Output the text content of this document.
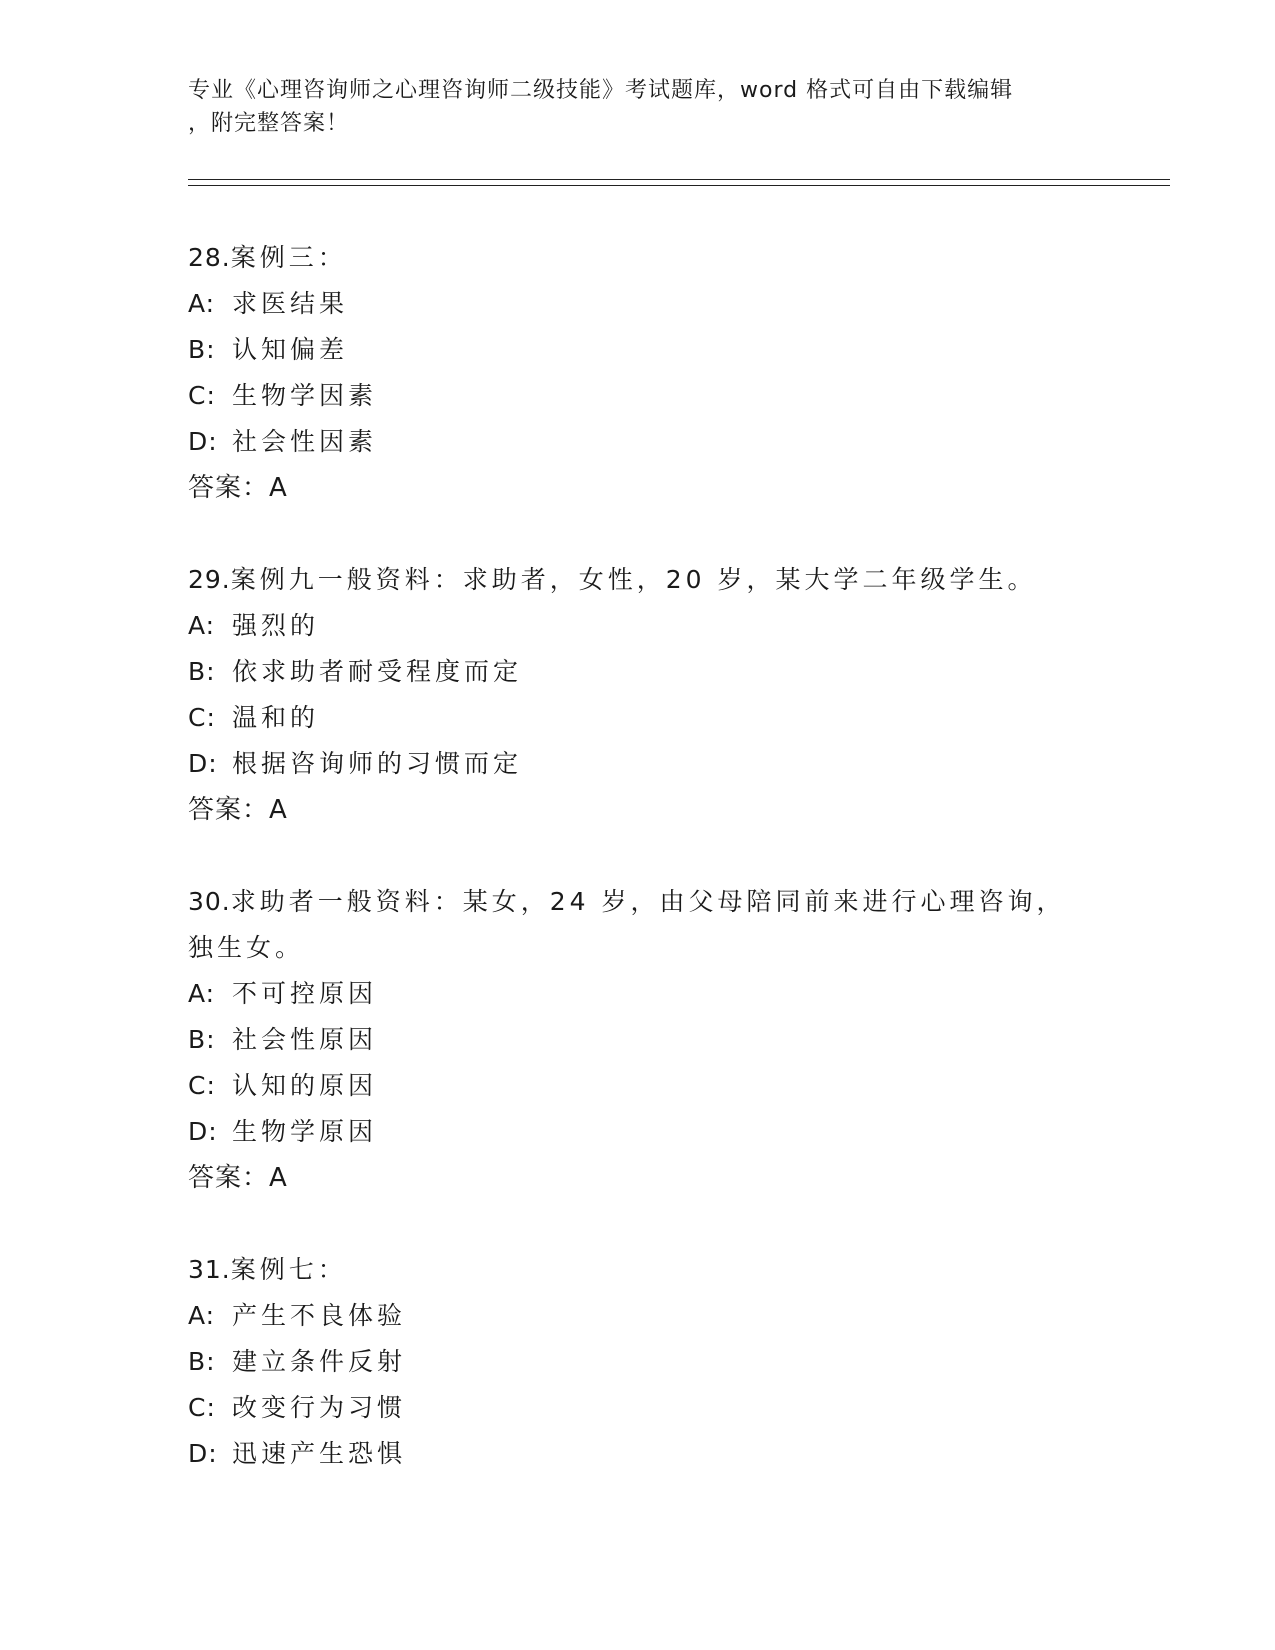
专业《心理咨询师之心理咨询师二级技能》考试题库，word 格式可自由下载编辑

，附完整答案！

28.案例三：

A: 求医结果

B: 认知偏差

C: 生物学因素

D: 社会性因素

答案：A

29.案例九一般资料：求助者，女性，20 岁，某大学二年级学生。

A: 强烈的

B: 依求助者耐受程度而定

C: 温和的

D: 根据咨询师的习惯而定

答案：A

30.求助者一般资料：某女，24 岁，由父母陪同前来进行心理咨询，独生女。

A: 不可控原因

B: 社会性原因

C: 认知的原因

D: 生物学原因

答案：A

31.案例七：

A: 产生不良体验

B: 建立条件反射

C: 改变行为习惯

D: 迅速产生恐惧
